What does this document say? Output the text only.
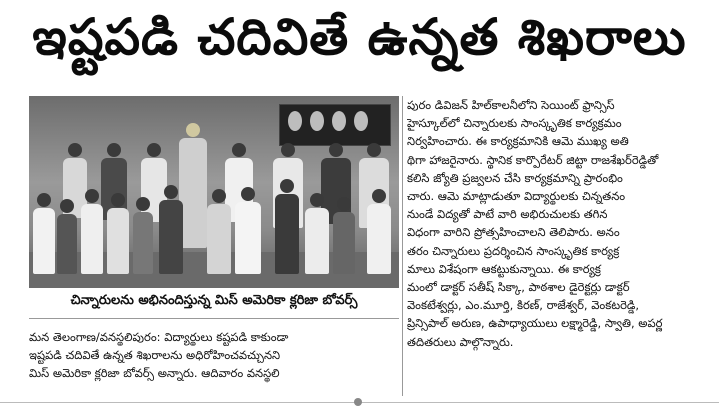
ఇష్టపడి చదివితే ఉన్నత శిఖరాలు
చిన్నారులను అభినందిస్తున్న మిస్ అమెరికా క్లరిజా బోవర్స్
పురం డివిజన్ హిల్‌కాలనీలోని సెయింట్ ఫ్రాన్సిస్
హైస్కూల్‌లో చిన్నారులకు సాంస్కృతిక కార్యక్రమం
నిర్వహించారు. ఈ కార్యక్రమానికి ఆమె ముఖ్య అతి
థిగా హాజరైనారు. స్థానిక కార్పొరేటర్ జిట్టా రాజశేఖర్‌రెడ్డితో
కలిసి జ్యోతి ప్రజ్వలన చేసి కార్యక్రమాన్ని ప్రారంభిం
చారు. ఆమె మాట్లాడుతూ విద్యార్థులకు చిన్నతనం
నుండే విద్యతో పాటే వారి అభిరుచులకు తగిన
విధంగా వారిని ప్రోత్సహించాలని తెలిపారు. అనం
తరం చిన్నారులు ప్రదర్శించిన సాంస్కృతిక కార్యక్ర
మాలు విశేషంగా ఆకట్టుకున్నాయి. ఈ కార్యక్ర
మంలో డాక్టర్ సతీష్ సిక్కా, పాఠశాల డైరెక్టర్లు డాక్టర్
వెంకటేశ్వర్లు, ఎం.మూర్తి, కిరణ్, రాజేశ్వర్, వెంకటరెడ్డి,
ప్రిన్సిపాల్ అరుణ, ఉపాధ్యాయులు లక్ష్మారెడ్డి, స్వాతి, అపర్ణ
తదితరులు పాల్గొన్నారు.
మన తెలంగాణ/వనస్థలిపురం: విద్యార్థులు కష్టపడి కాకుండా
ఇష్టపడి చదివితే ఉన్నత శిఖరాలను అధిరోహించవచ్చునని
మిస్ అమెరికా క్లరిజా బోవర్స్ అన్నారు. ఆదివారం వనస్థలి
